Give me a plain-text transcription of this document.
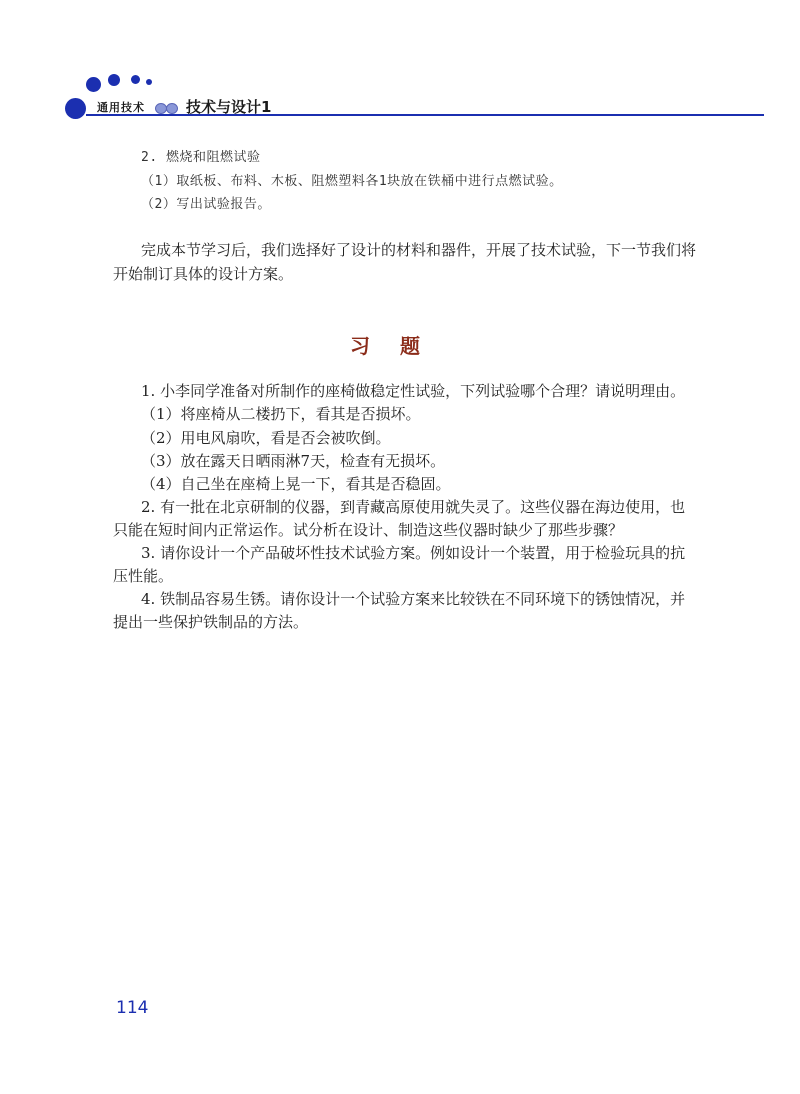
通用技术	技术与设计1
2. 燃烧和阻燃试验
（1）取纸板、布料、木板、阻燃塑料各1块放在铁桶中进行点燃试验。
（2）写出试验报告。
完成本节学习后，我们选择好了设计的材料和器件，开展了技术试验，下一节我们将
开始制订具体的设计方案。
习题
1. 小李同学准备对所制作的座椅做稳定性试验，下列试验哪个合理？请说明理由。
（1）将座椅从二楼扔下，看其是否损坏。
（2）用电风扇吹，看是否会被吹倒。
（3）放在露天日晒雨淋7天，检查有无损坏。
（4）自己坐在座椅上晃一下，看其是否稳固。
2. 有一批在北京研制的仪器，到青藏高原使用就失灵了。这些仪器在海边使用，也
只能在短时间内正常运作。试分析在设计、制造这些仪器时缺少了那些步骤？
3. 请你设计一个产品破坏性技术试验方案。例如设计一个装置，用于检验玩具的抗
压性能。
4. 铁制品容易生锈。请你设计一个试验方案来比较铁在不同环境下的锈蚀情况，并
提出一些保护铁制品的方法。
114
